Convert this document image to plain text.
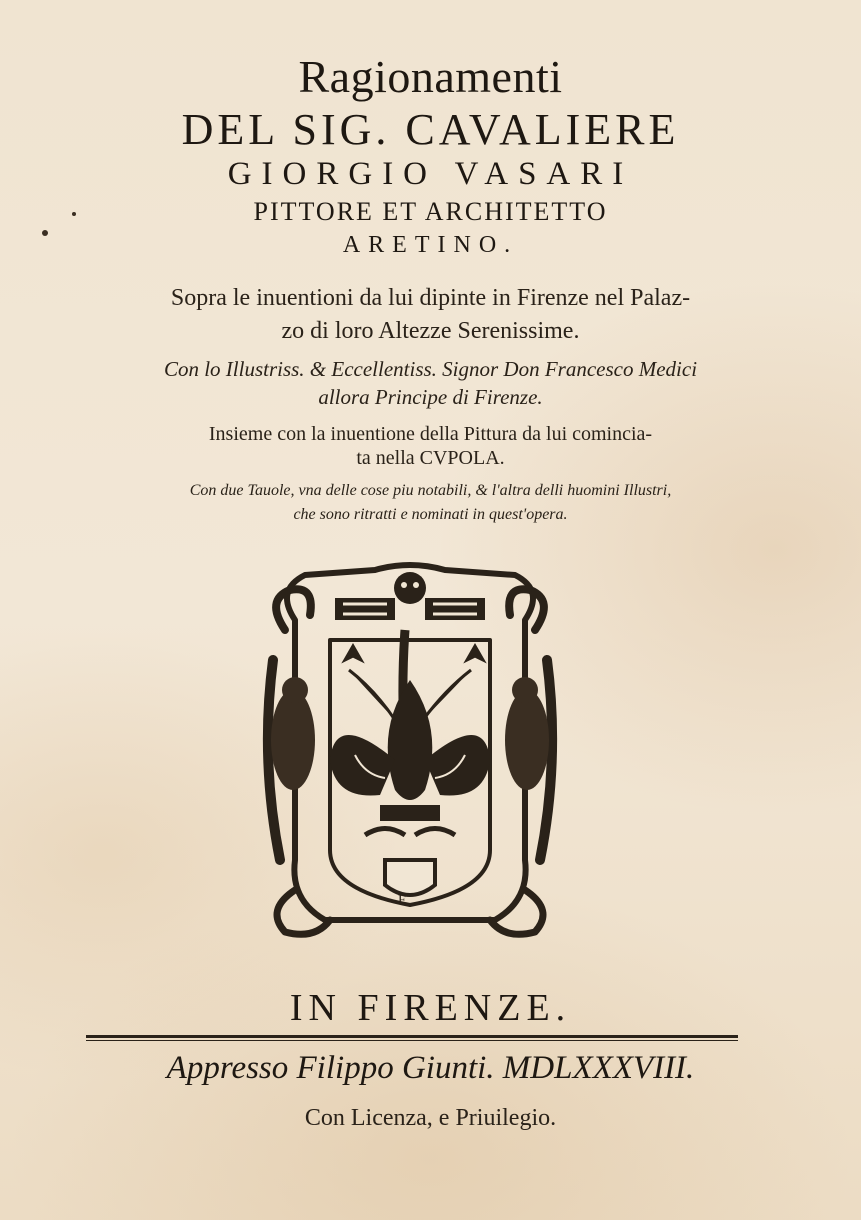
Ragionamenti
DEL SIG. CAVALIERE
GIORGIO VASARI
PITTORE ET ARCHITETTO
ARETINO.
Sopra le inuentioni da lui dipinte in Firenze nel Palaz-
zo di loro Altezze Serenissime.
Con lo Illustriss. & Eccellentiss. Signor Don Francesco Medici
allora Principe di Firenze.
Insieme con la inuentione della Pittura da lui comincia-
ta nella CVPOLA.
Con due Tauole, vna delle cose piu notabili, & l'altra delli huomini Illustri,
che sono ritratti e nominati in quest'opera.
F.
IN FIRENZE.
Appresso Filippo Giunti. MDLXXXVIII.
Con Licenza, e Priuilegio.
